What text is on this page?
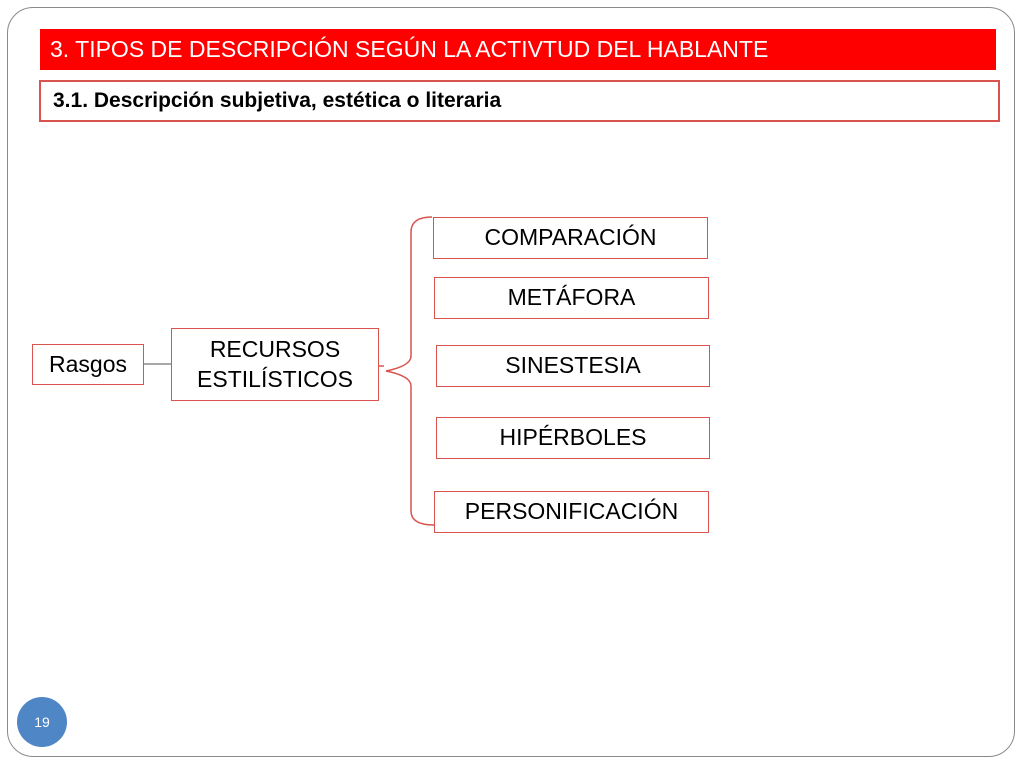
3. TIPOS DE DESCRIPCIÓN SEGÚN LA ACTIVTUD DEL HABLANTE
3.1. Descripción subjetiva, estética o literaria
Rasgos
RECURSOS ESTILÍSTICOS
COMPARACIÓN
METÁFORA
SINESTESIA
HIPÉRBOLES
PERSONIFICACIÓN
19
